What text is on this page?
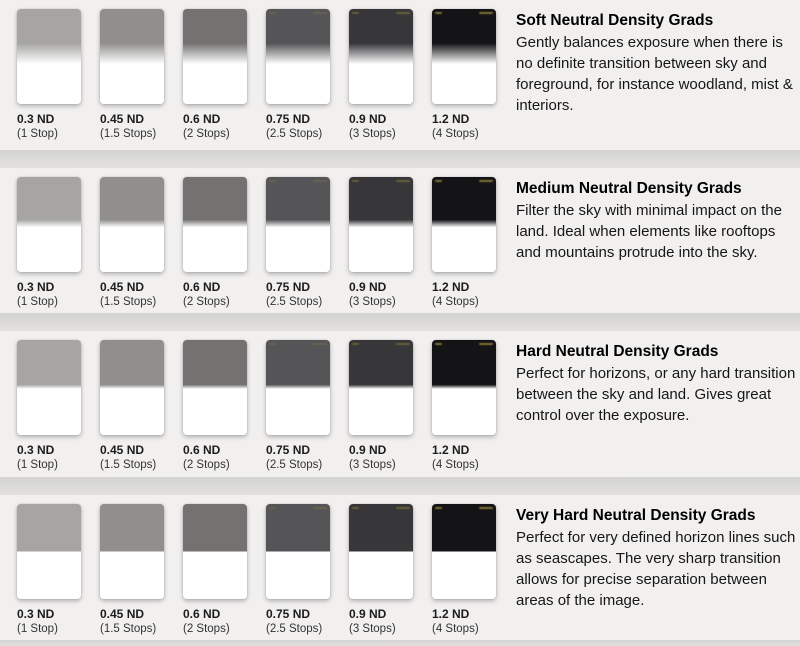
0.3 ND
(1 Stop)
0.45 ND
(1.5 Stops)
0.6 ND
(2 Stops)
0.75 ND
(2.5 Stops)
0.9 ND
(3 Stops)
1.2 ND
(4 Stops)
Soft Neutral Density Grads
Gently balances exposure when there is no definite transition between sky and foreground, for instance woodland, mist & interiors.
0.3 ND
(1 Stop)
0.45 ND
(1.5 Stops)
0.6 ND
(2 Stops)
0.75 ND
(2.5 Stops)
0.9 ND
(3 Stops)
1.2 ND
(4 Stops)
Medium Neutral Density Grads
Filter the sky with minimal impact on the land. Ideal when elements like rooftops and mountains protrude into the sky.
0.3 ND
(1 Stop)
0.45 ND
(1.5 Stops)
0.6 ND
(2 Stops)
0.75 ND
(2.5 Stops)
0.9 ND
(3 Stops)
1.2 ND
(4 Stops)
Hard Neutral Density Grads
Perfect for horizons, or any hard transition between the sky and land. Gives great control over the exposure.
0.3 ND
(1 Stop)
0.45 ND
(1.5 Stops)
0.6 ND
(2 Stops)
0.75 ND
(2.5 Stops)
0.9 ND
(3 Stops)
1.2 ND
(4 Stops)
Very Hard Neutral Density Grads
Perfect for very defined horizon lines such as seascapes. The very sharp transition allows for precise separation between areas of the image.
